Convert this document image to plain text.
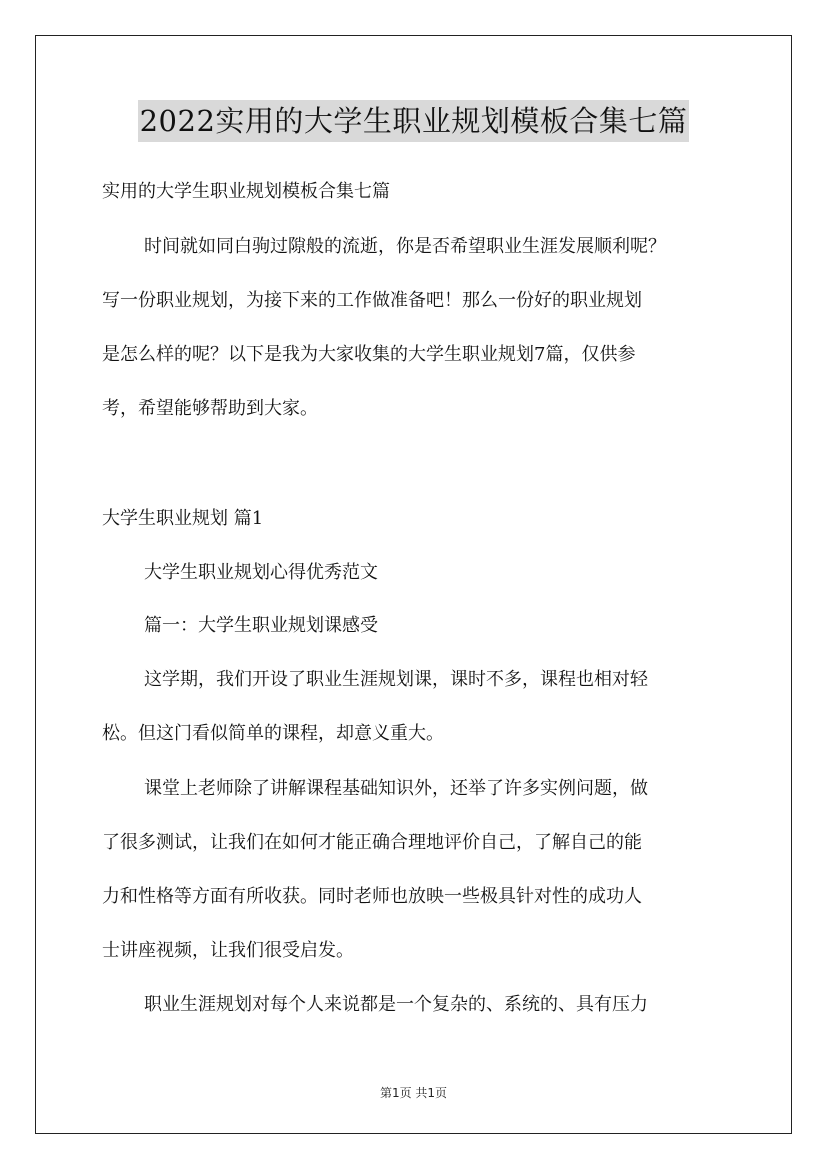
2022实用的大学生职业规划模板合集七篇
实用的大学生职业规划模板合集七篇
时间就如同白驹过隙般的流逝，你是否希望职业生涯发展顺利呢？
写一份职业规划，为接下来的工作做准备吧！那么一份好的职业规划
是怎么样的呢？以下是我为大家收集的大学生职业规划7篇，仅供参
考，希望能够帮助到大家。
大学生职业规划 篇1
大学生职业规划心得优秀范文
篇一：大学生职业规划课感受
这学期，我们开设了职业生涯规划课，课时不多，课程也相对轻
松。但这门看似简单的课程，却意义重大。
课堂上老师除了讲解课程基础知识外，还举了许多实例问题，做
了很多测试，让我们在如何才能正确合理地评价自己，了解自己的能
力和性格等方面有所收获。同时老师也放映一些极具针对性的成功人
士讲座视频，让我们很受启发。
职业生涯规划对每个人来说都是一个复杂的、系统的、具有压力
第1页 共1页
